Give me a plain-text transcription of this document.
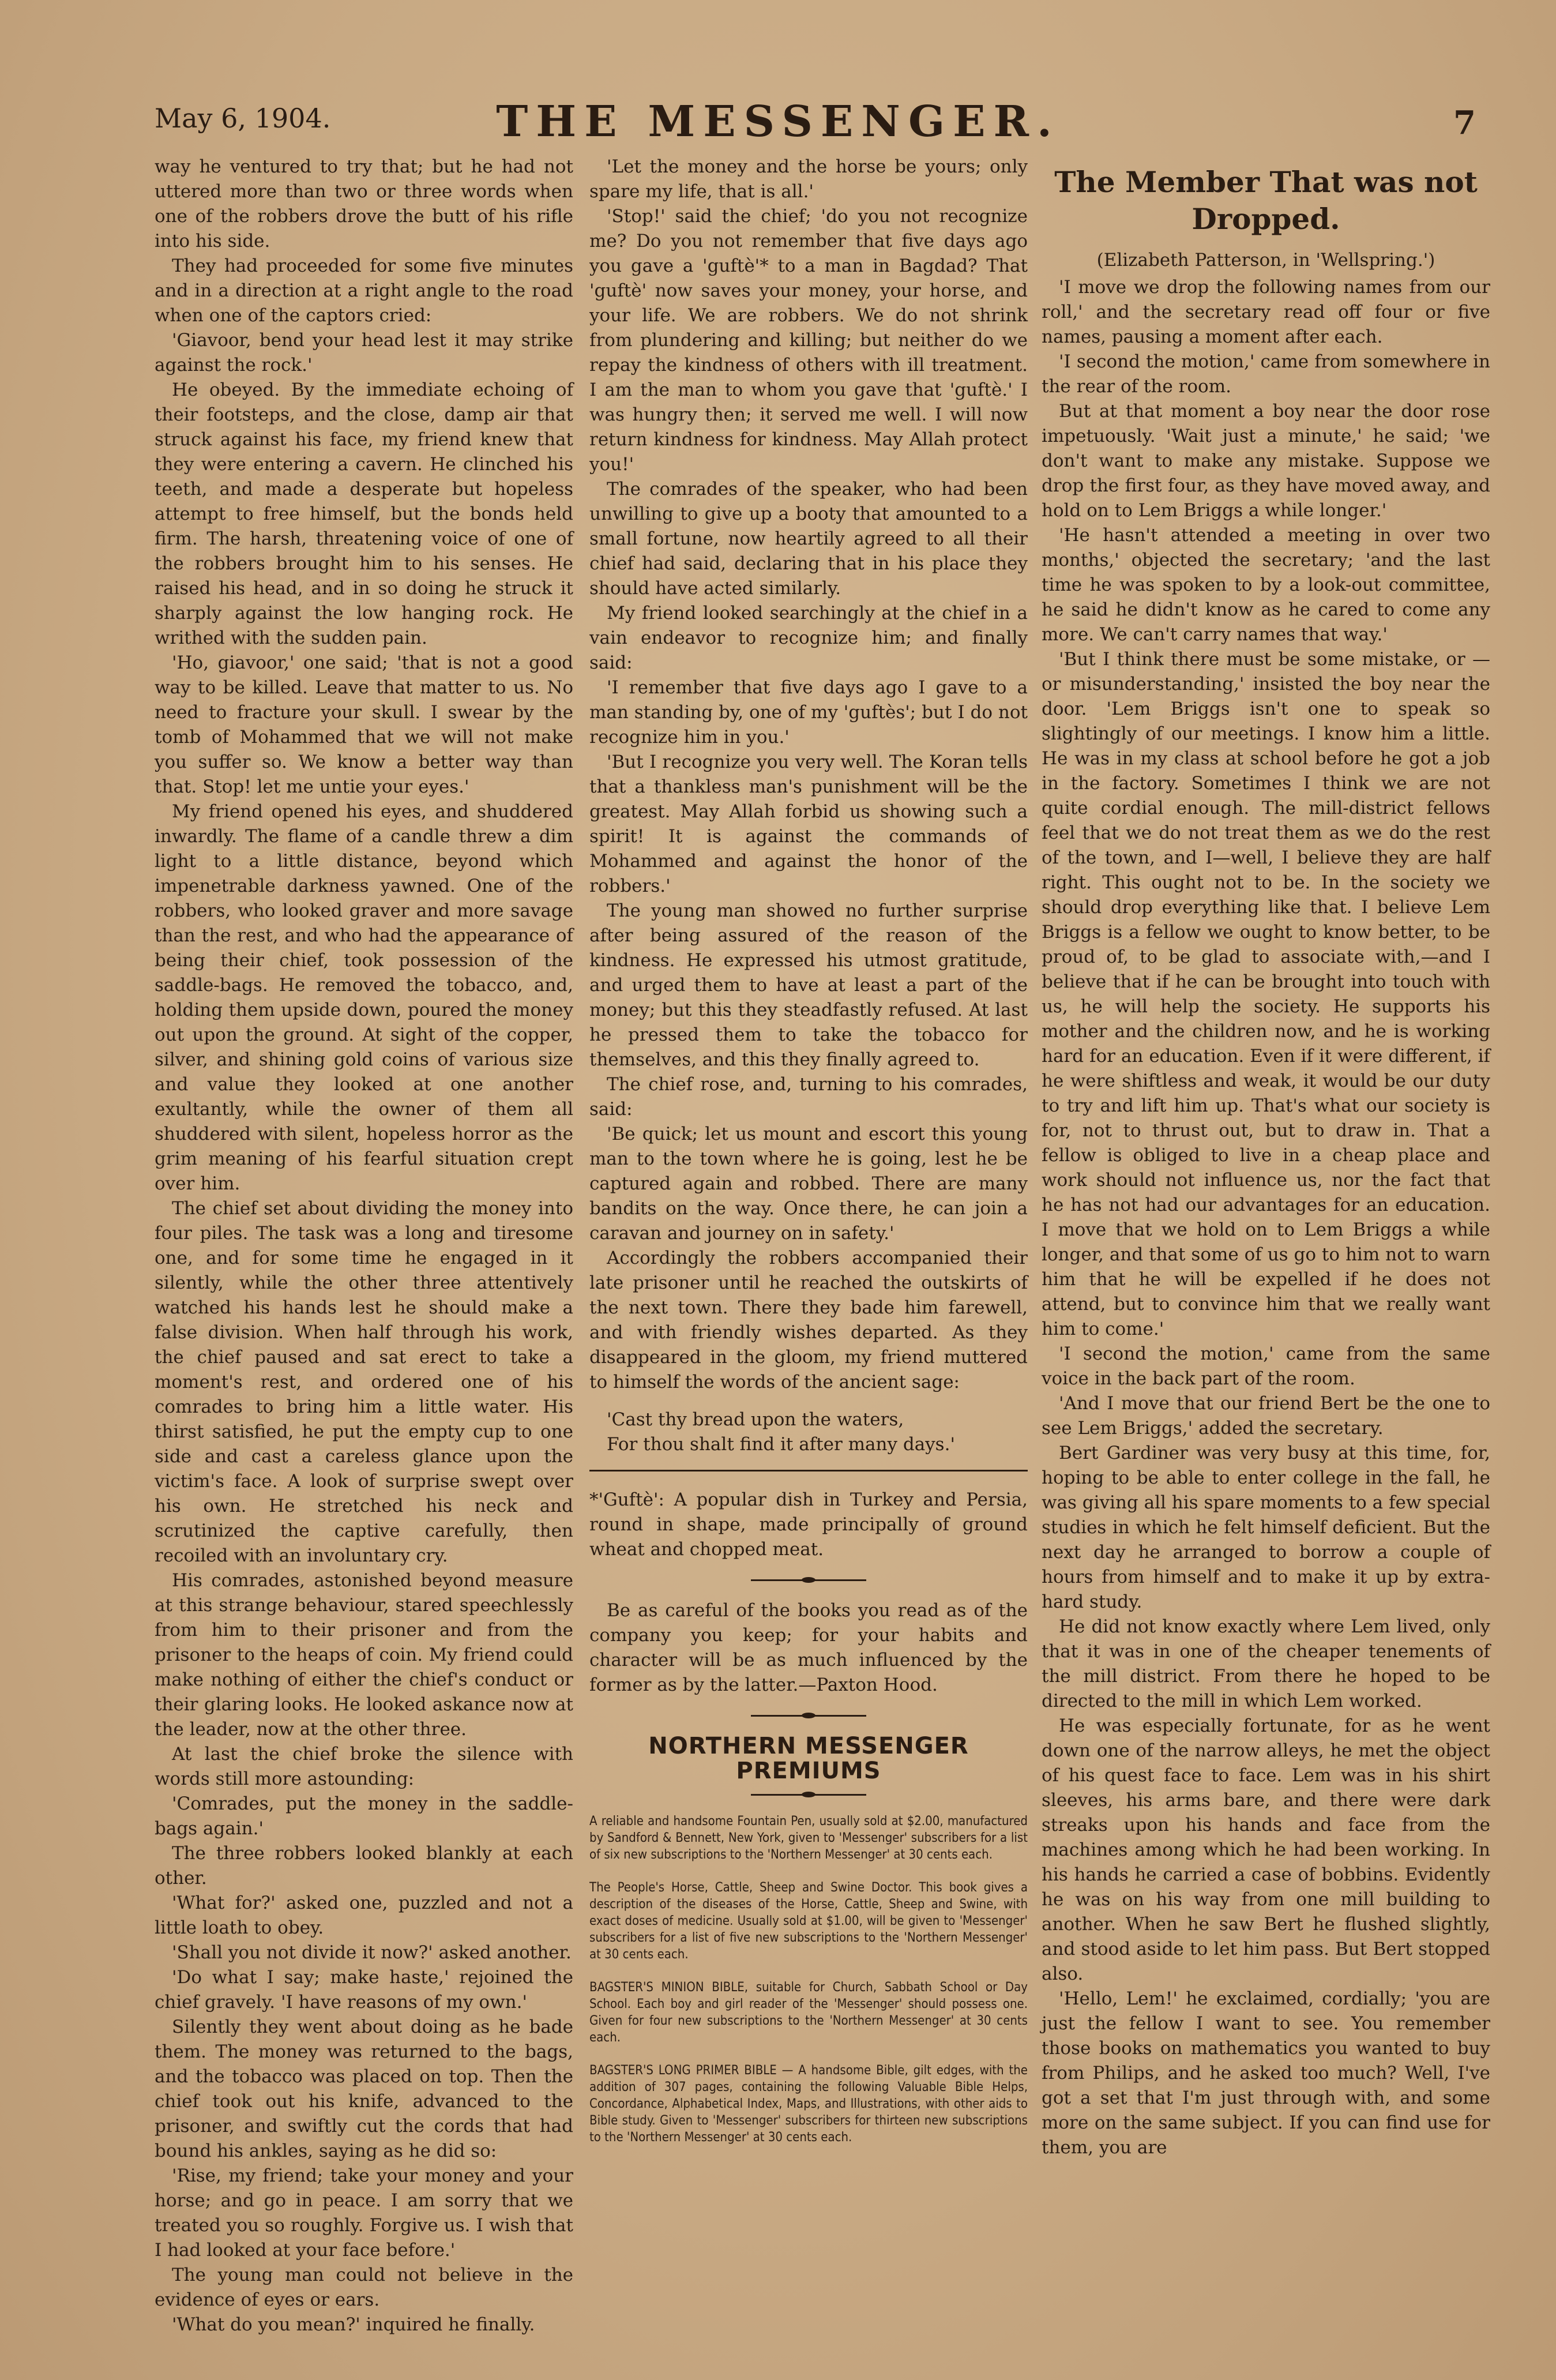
May 6, 1904.	THE MESSENGER.	7

way he ventured to try that; but he had not uttered more than two or three words when one of the robbers drove the butt of his rifle into his side.

They had proceeded for some five minutes and in a direction at a right angle to the road when one of the captors cried:

'Giavoor, bend your head lest it may strike against the rock.'

He obeyed. By the immediate echoing of their footsteps, and the close, damp air that struck against his face, my friend knew that they were entering a cavern. He clinched his teeth, and made a desperate but hopeless attempt to free himself, but the bonds held firm. The harsh, threatening voice of one of the robbers brought him to his senses. He raised his head, and in so doing he struck it sharply against the low hanging rock. He writhed with the sudden pain.

'Ho, giavoor,' one said; 'that is not a good way to be killed. Leave that matter to us. No need to fracture your skull. I swear by the tomb of Mohammed that we will not make you suffer so. We know a better way than that. Stop! let me untie your eyes.'

My friend opened his eyes, and shuddered inwardly. The flame of a candle threw a dim light to a little distance, beyond which impenetrable darkness yawned. One of the robbers, who looked graver and more savage than the rest, and who had the appearance of being their chief, took possession of the saddle-bags. He removed the tobacco, and, holding them upside down, poured the money out upon the ground. At sight of the copper, silver, and shining gold coins of various size and value they looked at one another exultantly, while the owner of them all shuddered with silent, hopeless horror as the grim meaning of his fearful situation crept over him.

The chief set about dividing the money into four piles. The task was a long and tiresome one, and for some time he engaged in it silently, while the other three attentively watched his hands lest he should make a false division. When half through his work, the chief paused and sat erect to take a moment's rest, and ordered one of his comrades to bring him a little water. His thirst satisfied, he put the empty cup to one side and cast a careless glance upon the victim's face. A look of surprise swept over his own. He stretched his neck and scrutinized the captive carefully, then recoiled with an involuntary cry.

His comrades, astonished beyond measure at this strange behaviour, stared speechlessly from him to their prisoner and from the prisoner to the heaps of coin. My friend could make nothing of either the chief's conduct or their glaring looks. He looked askance now at the leader, now at the other three.

At last the chief broke the silence with words still more astounding:

'Comrades, put the money in the saddle-bags again.'

The three robbers looked blankly at each other.

'What for?' asked one, puzzled and not a little loath to obey.

'Shall you not divide it now?' asked another.

'Do what I say; make haste,' rejoined the chief gravely. 'I have reasons of my own.'

Silently they went about doing as he bade them. The money was returned to the bags, and the tobacco was placed on top. Then the chief took out his knife, advanced to the prisoner, and swiftly cut the cords that had bound his ankles, saying as he did so:

'Rise, my friend; take your money and your horse; and go in peace. I am sorry that we treated you so roughly. Forgive us. I wish that I had looked at your face before.'

The young man could not believe in the evidence of eyes or ears.

'What do you mean?' inquired he finally.

'Let the money and the horse be yours; only spare my life, that is all.'

'Stop!' said the chief; 'do you not recognize me? Do you not remember that five days ago you gave a 'guftè'* to a man in Bagdad? That 'guftè' now saves your money, your horse, and your life. We are robbers. We do not shrink from plundering and killing; but neither do we repay the kindness of others with ill treatment. I am the man to whom you gave that 'guftè.' I was hungry then; it served me well. I will now return kindness for kindness. May Allah protect you!'

The comrades of the speaker, who had been unwilling to give up a booty that amounted to a small fortune, now heartily agreed to all their chief had said, declaring that in his place they should have acted similarly.

My friend looked searchingly at the chief in a vain endeavor to recognize him; and finally said:

'I remember that five days ago I gave to a man standing by, one of my 'guftès'; but I do not recognize him in you.'

'But I recognize you very well. The Koran tells that a thankless man's punishment will be the greatest. May Allah forbid us showing such a spirit! It is against the commands of Mohammed and against the honor of the robbers.'

The young man showed no further surprise after being assured of the reason of the kindness. He expressed his utmost gratitude, and urged them to have at least a part of the money; but this they steadfastly refused. At last he pressed them to take the tobacco for themselves, and this they finally agreed to.

The chief rose, and, turning to his comrades, said:

'Be quick; let us mount and escort this young man to the town where he is going, lest he be captured again and robbed. There are many bandits on the way. Once there, he can join a caravan and journey on in safety.'

Accordingly the robbers accompanied their late prisoner until he reached the outskirts of the next town. There they bade him farewell, and with friendly wishes departed. As they disappeared in the gloom, my friend muttered to himself the words of the ancient sage:

'Cast thy bread upon the waters,
For thou shalt find it after many days.'

*'Guftè': A popular dish in Turkey and Persia, round in shape, made principally of ground wheat and chopped meat.

Be as careful of the books you read as of the company you keep; for your habits and character will be as much influenced by the former as by the latter.—Paxton Hood.

NORTHERN MESSENGER PREMIUMS

A reliable and handsome Fountain Pen, usually sold at $2.00, manufactured by Sandford & Bennett, New York, given to 'Messenger' subscribers for a list of six new subscriptions to the 'Northern Messenger' at 30 cents each.

The People's Horse, Cattle, Sheep and Swine Doctor. This book gives a description of the diseases of the Horse, Cattle, Sheep and Swine, with exact doses of medicine. Usually sold at $1.00, will be given to 'Messenger' subscribers for a list of five new subscriptions to the 'Northern Messenger' at 30 cents each.

BAGSTER'S MINION BIBLE, suitable for Church, Sabbath School or Day School. Each boy and girl reader of the 'Messenger' should possess one. Given for four new subscriptions to the 'Northern Messenger' at 30 cents each.

BAGSTER'S LONG PRIMER BIBLE — A handsome Bible, gilt edges, with the addition of 307 pages, containing the following Valuable Bible Helps, Concordance, Alphabetical Index, Maps, and Illustrations, with other aids to Bible study. Given to 'Messenger' subscribers for thirteen new subscriptions to the 'Northern Messenger' at 30 cents each.

The Member That was not Dropped.

(Elizabeth Patterson, in 'Wellspring.')

'I move we drop the following names from our roll,' and the secretary read off four or five names, pausing a moment after each.

'I second the motion,' came from somewhere in the rear of the room.

But at that moment a boy near the door rose impetuously. 'Wait just a minute,' he said; 'we don't want to make any mistake. Suppose we drop the first four, as they have moved away, and hold on to Lem Briggs a while longer.'

'He hasn't attended a meeting in over two months,' objected the secretary; 'and the last time he was spoken to by a look-out committee, he said he didn't know as he cared to come any more. We can't carry names that way.'

'But I think there must be some mistake, or —or misunderstanding,' insisted the boy near the door. 'Lem Briggs isn't one to speak so slightingly of our meetings. I know him a little. He was in my class at school before he got a job in the factory. Sometimes I think we are not quite cordial enough. The mill-district fellows feel that we do not treat them as we do the rest of the town, and I—well, I believe they are half right. This ought not to be. In the society we should drop everything like that. I believe Lem Briggs is a fellow we ought to know better, to be proud of, to be glad to associate with,—and I believe that if he can be brought into touch with us, he will help the society. He supports his mother and the children now, and he is working hard for an education. Even if it were different, if he were shiftless and weak, it would be our duty to try and lift him up. That's what our society is for, not to thrust out, but to draw in. That a fellow is obliged to live in a cheap place and work should not influence us, nor the fact that he has not had our advantages for an education. I move that we hold on to Lem Briggs a while longer, and that some of us go to him not to warn him that he will be expelled if he does not attend, but to convince him that we really want him to come.'

'I second the motion,' came from the same voice in the back part of the room.

'And I move that our friend Bert be the one to see Lem Briggs,' added the secretary.

Bert Gardiner was very busy at this time, for, hoping to be able to enter college in the fall, he was giving all his spare moments to a few special studies in which he felt himself deficient. But the next day he arranged to borrow a couple of hours from himself and to make it up by extra-hard study.

He did not know exactly where Lem lived, only that it was in one of the cheaper tenements of the mill district. From there he hoped to be directed to the mill in which Lem worked.

He was especially fortunate, for as he went down one of the narrow alleys, he met the object of his quest face to face. Lem was in his shirt sleeves, his arms bare, and there were dark streaks upon his hands and face from the machines among which he had been working. In his hands he carried a case of bobbins. Evidently he was on his way from one mill building to another. When he saw Bert he flushed slightly, and stood aside to let him pass. But Bert stopped also.

'Hello, Lem!' he exclaimed, cordially; 'you are just the fellow I want to see. You remember those books on mathematics you wanted to buy from Philips, and he asked too much? Well, I've got a set that I'm just through with, and some more on the same subject. If you can find use for them, you are
